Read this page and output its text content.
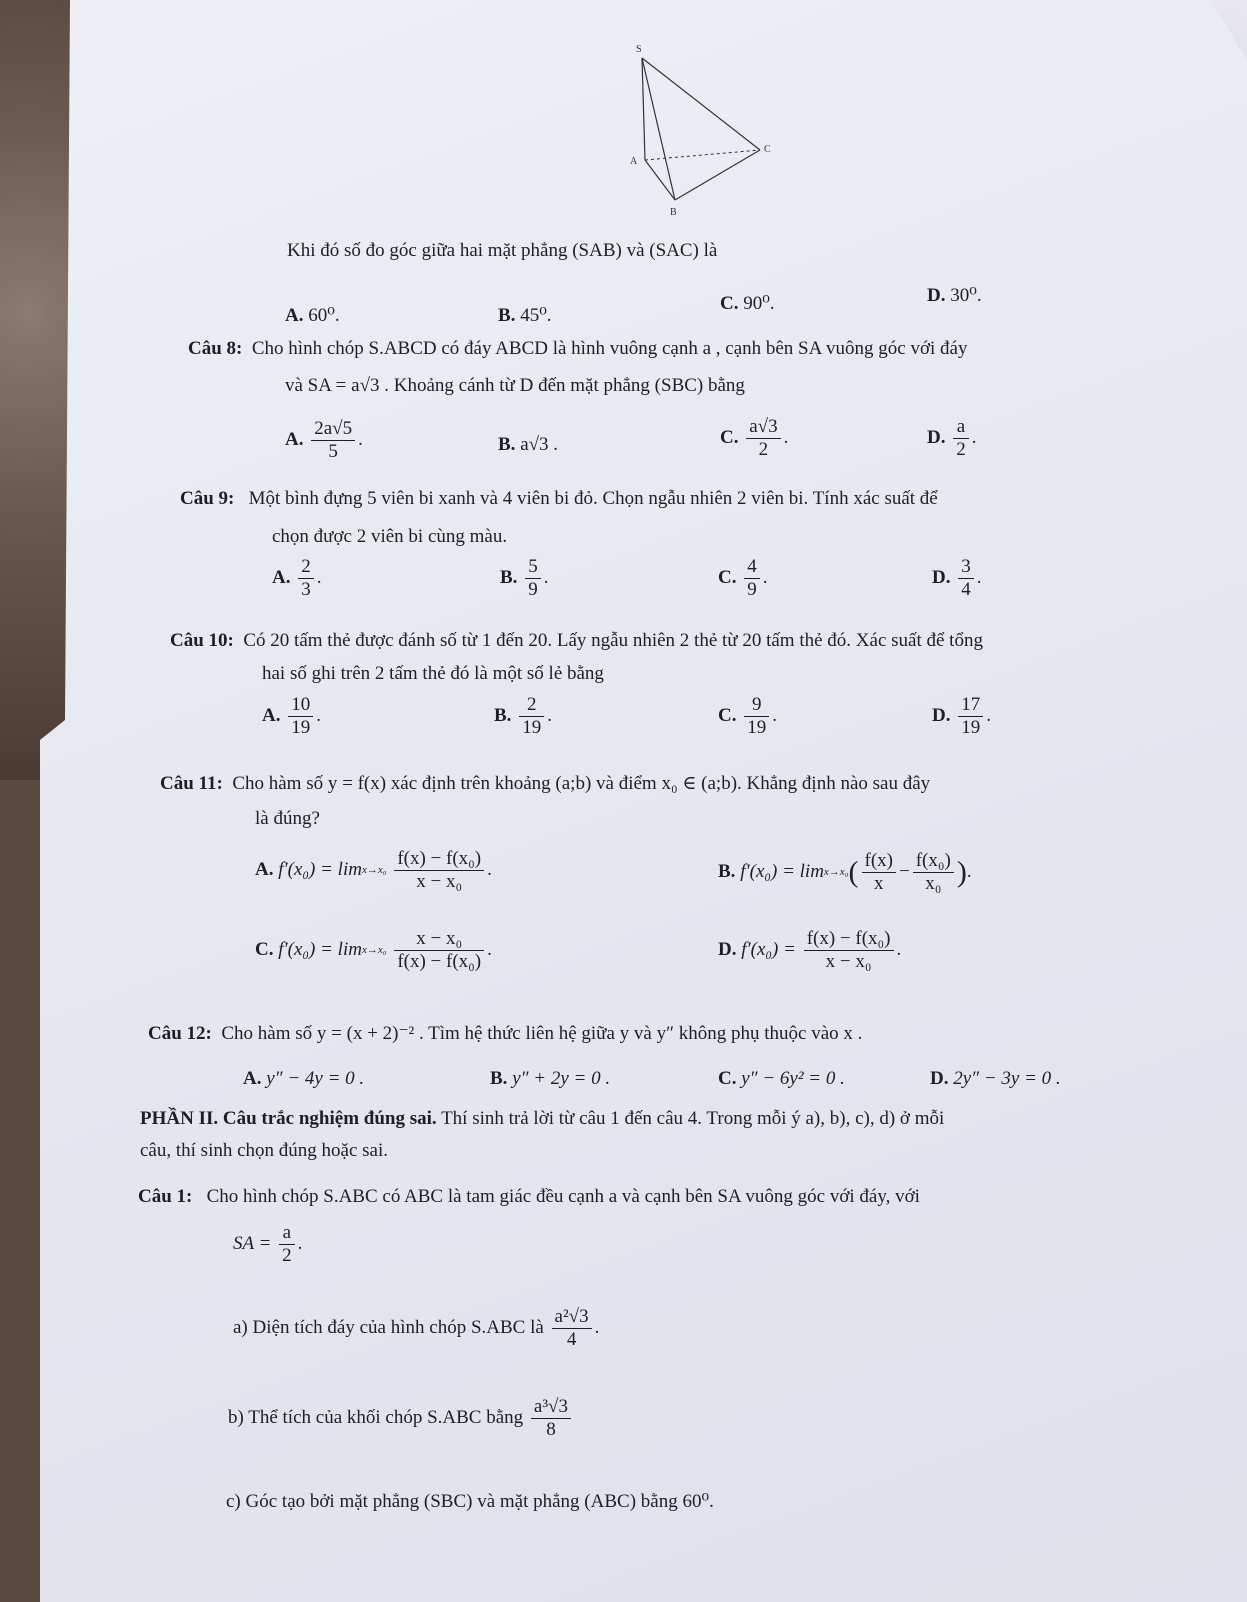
S
A
B
C
Khi đó số đo góc giữa hai mặt phẳng (SAB) và (SAC) là
A. 60⁰.	B. 45⁰.
C. 90⁰.	D. 30⁰.
Câu 8: Cho hình chóp S.ABCD có đáy ABCD là hình vuông cạnh a , cạnh bên SA vuông góc với đáy
và SA = a√3 . Khoảng cánh từ D đến mặt phẳng (SBC) bằng
A. $\frac{2a√5}{5}$ .	B. a√3 .	C. $\frac{a√3}{2}$ .	D. $\frac{a}{2}$ .
Câu 9: Một bình đựng 5 viên bi xanh và 4 viên bi đỏ. Chọn ngẫu nhiên 2 viên bi. Tính xác suất để
chọn được 2 viên bi cùng màu.
A. $\frac{2}{3}$ .	B. $\frac{5}{9}$ .	C. $\frac{4}{9}$ .	D. $\frac{3}{4}$ .
Câu 10: Có 20 tấm thẻ được đánh số từ 1 đến 20. Lấy ngẫu nhiên 2 thẻ từ 20 tấm thẻ đó. Xác suất để tổng
hai số ghi trên 2 tấm thẻ đó là một số lẻ bằng
A. $\frac{10}{19}$ .	B. $\frac{2}{19}$ .	C. $\frac{9}{19}$ .	D. $\frac{17}{19}$ .
Câu 11: Cho hàm số y = f(x) xác định trên khoảng (a;b) và điểm x₀ ∈ (a;b). Khẳng định nào sau đây
là đúng?
A. f′(x₀) = lim x→x₀
$\frac{\text{f(x) − f(x₀)}}{\text{x − x₀}}$ .	B. f′(x₀) = lim x→x₀ ( $\frac{f(x)}{x} - \frac{\text{f(x₀)}}{\text{x₀}}$ ).
C. f′(x₀) = lim x→x₀
$\frac{\text{x − x₀}}{\text{f(x) − f(x₀)}}$ .	D. $f'(x_0) = \frac{\text{f(x) − f(x₀)}}{\text{x − x₀}}$ .
Câu 12: Cho hàm số y = (x + 2)⁻² . Tìm hệ thức liên hệ giữa y và y″ không phụ thuộc vào x .
A. y″ − 4y = 0 .	B. y″ + 2y = 0 .	C. y″ − 6y² = 0 .	D. 2y″ − 3y = 0 .
PHẦN II. Câu trắc nghiệm đúng sai. Thí sinh trả lời từ câu 1 đến câu 4. Trong mỗi ý a), b), c), d) ở mỗi
câu, thí sinh chọn đúng hoặc sai.
Câu 1: Cho hình chóp S.ABC có ABC là tam giác đều cạnh a và cạnh bên SA vuông góc với đáy, với
SA = $\frac{a}{2}$ .
a) Diện tích đáy của hình chóp S.ABC là $\frac{\text{a²√3}}{4}$ .
b) Thể tích của khối chóp S.ABC bằng $\frac{\text{a³√3}}{8}$
c) Góc tạo bởi mặt phẳng (SBC) và mặt phẳng (ABC) bằng 60⁰.
